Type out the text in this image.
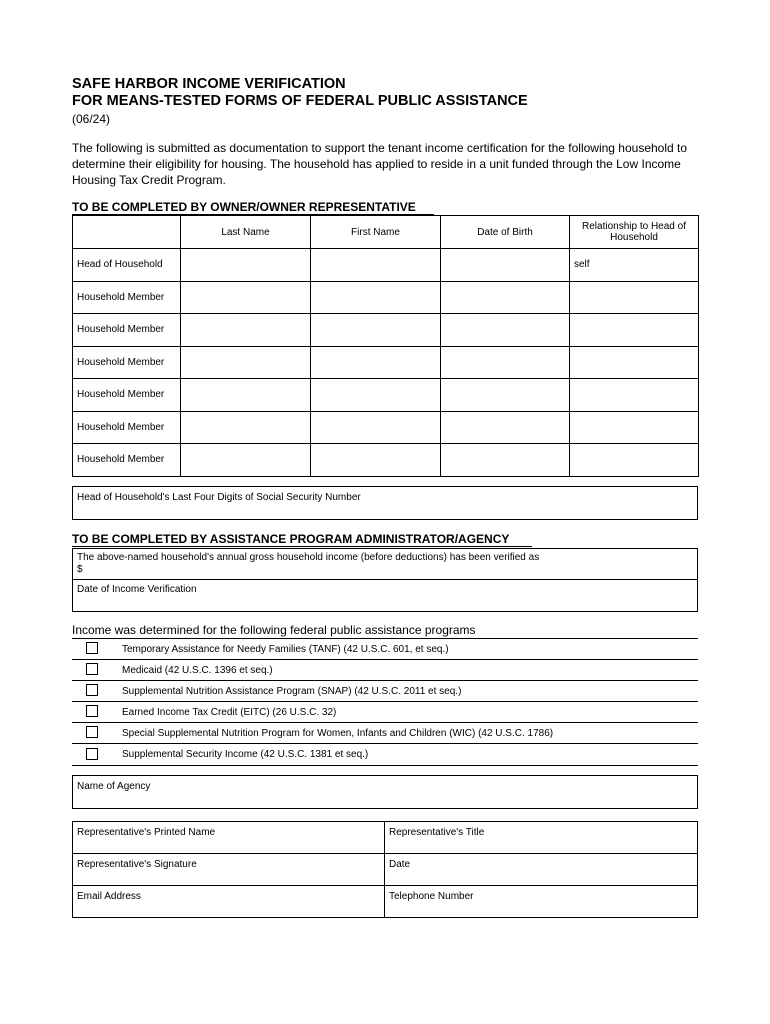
SAFE HARBOR INCOME VERIFICATION
FOR MEANS-TESTED FORMS OF FEDERAL PUBLIC ASSISTANCE
(06/24)
The following is submitted as documentation to support the tenant income certification for the following household to determine their eligibility for housing. The household has applied to reside in a unit funded through the Low Income Housing Tax Credit Program.
TO BE COMPLETED BY OWNER/OWNER REPRESENTATIVE
	Last Name	First Name	Date of Birth	Relationship to Head of Household
Head of Household				self
Household Member				
Household Member				
Household Member				
Household Member				
Household Member				
Household Member				
Head of Household's Last Four Digits of Social Security Number
TO BE COMPLETED BY ASSISTANCE PROGRAM ADMINISTRATOR/AGENCY
The above-named household's annual gross household income (before deductions) has been verified as
$
Date of Income Verification
Income was determined for the following federal public assistance programs
Temporary Assistance for Needy Families (TANF) (42 U.S.C. 601, et seq.)
Medicaid (42 U.S.C. 1396 et seq.)
Supplemental Nutrition Assistance Program (SNAP) (42 U.S.C. 2011 et seq.)
Earned Income Tax Credit (EITC) (26 U.S.C. 32)
Special Supplemental Nutrition Program for Women, Infants and Children (WIC) (42 U.S.C. 1786)
Supplemental Security Income (42 U.S.C. 1381 et seq.)
Name of Agency
Representative's Printed Name	Representative's Title
Representative's Signature	Date
Email Address	Telephone Number
